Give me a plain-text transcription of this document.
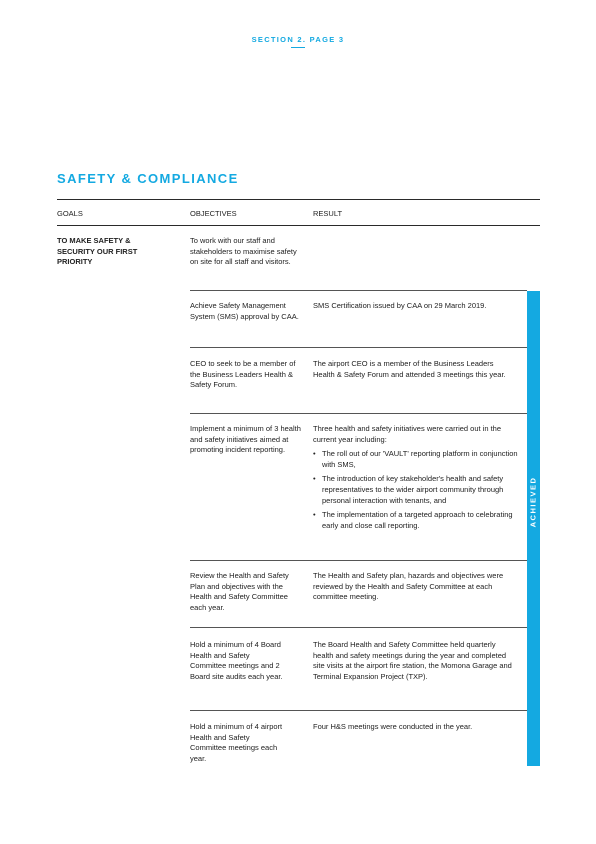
SECTION 2. PAGE 3
SAFETY & COMPLIANCE
GOALS	OBJECTIVES	RESULT
TO MAKE SAFETY & SECURITY OUR FIRST PRIORITY
To work with our staff and stakeholders to maximise safety on site for all staff and visitors.
Achieve Safety Management System (SMS) approval by CAA.
SMS Certification issued by CAA on 29 March 2019.
CEO to seek to be a member of the Business Leaders Health & Safety Forum.
The airport CEO is a member of the Business Leaders Health & Safety Forum and attended 3 meetings this year.
Implement a minimum of 3 health and safety initiatives aimed at promoting incident reporting.
Three health and safety initiatives were carried out in the current year including:
• The roll out of our 'VAULT' reporting platform in conjunction with SMS,
• The introduction of key stakeholder's health and safety representatives to the wider airport community through personal interaction with tenants, and
• The implementation of a targeted approach to celebrating early and close call reporting.
Review the Health and Safety Plan and objectives with the Health and Safety Committee each year.
The Health and Safety plan, hazards and objectives were reviewed by the Health and Safety Committee at each committee meeting.
Hold a minimum of 4 Board Health and Safety Committee meetings and 2 Board site audits each year.
The Board Health and Safety Committee held quarterly health and safety meetings during the year and completed site visits at the airport fire station, the Momona Garage and Terminal Expansion Project (TXP).
Hold a minimum of 4 airport Health and Safety Committee meetings each year.
Four H&S meetings were conducted in the year.
ACHIEVED
